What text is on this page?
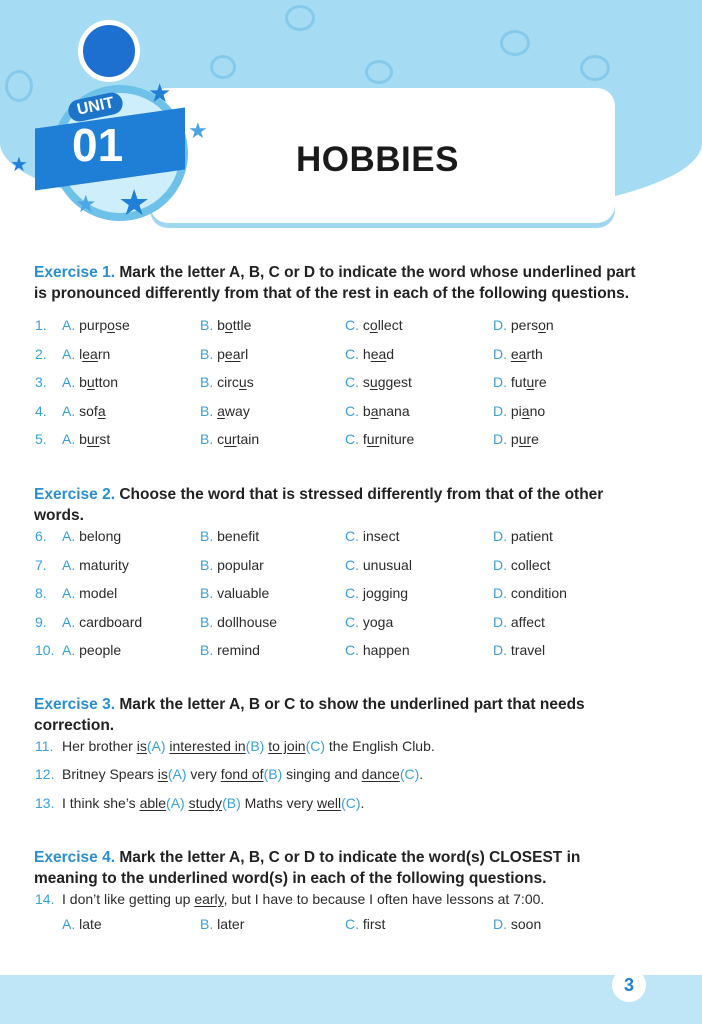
HOBBIES
UNIT
01
★
★
★
★
★
Exercise 1. Mark the letter A, B, C or D to indicate the word whose underlined part is pronounced differently from that of the rest in each of the following questions.
1. A. purpose	B. bottle	C. collect	D. person
2. A. learn	B. pearl	C. head	D. earth
3. A. button	B. circus	C. suggest	D. future
4. A. sofa	B. away	C. banana	D. piano
5. A. burst	B. curtain	C. furniture	D. pure
Exercise 2. Choose the word that is stressed differently from that of the other words.
6. A. belong	B. benefit	C. insect	D. patient
7. A. maturity	B. popular	C. unusual	D. collect
8. A. model	B. valuable	C. jogging	D. condition
9. A. cardboard	B. dollhouse	C. yoga	D. affect
10. A. people	B. remind	C. happen	D. travel
Exercise 3. Mark the letter A, B or C to show the underlined part that needs correction.
11. Her brother is(A) interested in(B) to join(C) the English Club.
12. Britney Spears is(A) very fond of(B) singing and dance(C).
13. I think she’s able(A) study(B) Maths very well(C).
Exercise 4. Mark the letter A, B, C or D to indicate the word(s) CLOSEST in meaning to the underlined word(s) in each of the following questions.
14. I don’t like getting up early, but I have to because I often have lessons at 7:00.
A. late	B. later	C. first	D. soon
3
